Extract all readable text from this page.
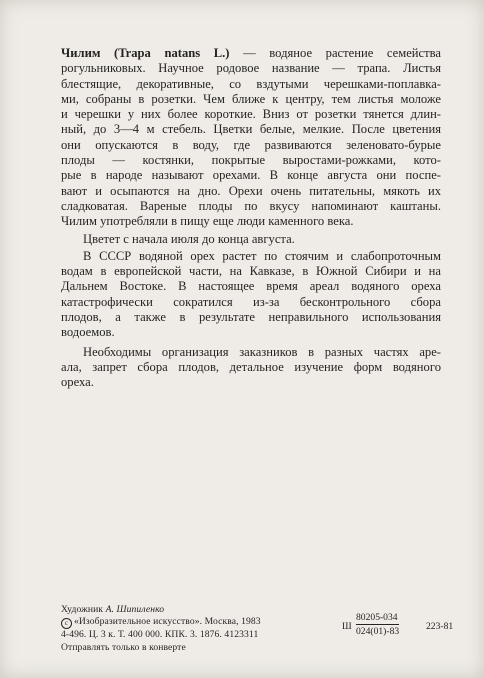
Чилим (Trapa natans L.) — водяное растение семейства
рогульниковых. Научное родовое название — трапа. Листья
блестящие, декоративные, со вздутыми черешками-поплавка-
ми, собраны в розетки. Чем ближе к центру, тем листья моложе
и черешки у них более короткие. Вниз от розетки тянется длин-
ный, до 3—4 м стебель. Цветки белые, мелкие. После цветения
они опускаются в воду, где развиваются зеленовато-бурые
плоды — костянки, покрытые выростами-рожками, кото-
рые в народе называют орехами. В конце августа они поспе-
вают и осыпаются на дно. Орехи очень питательны, мякоть их
сладковатая. Вареные плоды по вкусу напоминают каштаны.
Чилим употребляли в пищу еще люди каменного века.

Цветет с начала июля до конца августа.

В СССР водяной орех растет по стоячим и слабопроточным
водам в европейской части, на Кавказе, в Южной Сибири и на
Дальнем Востоке. В настоящее время ареал водяного ореха
катастрофически сократился из-за бесконтрольного сбора
плодов, а также в результате неправильного использования
водоемов.

Необходимы организация заказников в разных частях аре-
ала, запрет сбора плодов, детальное изучение форм водяного
ореха.

Художник А. Шипиленко
c «Изобразительное искусство». Москва, 1983
4-496. Ц. 3 к. Т. 400 000. КПК. 3. 1876. 4123311
Отправлять только в конверте
Ш $\frac{80205-034}{024(01)-83}$	223-81
